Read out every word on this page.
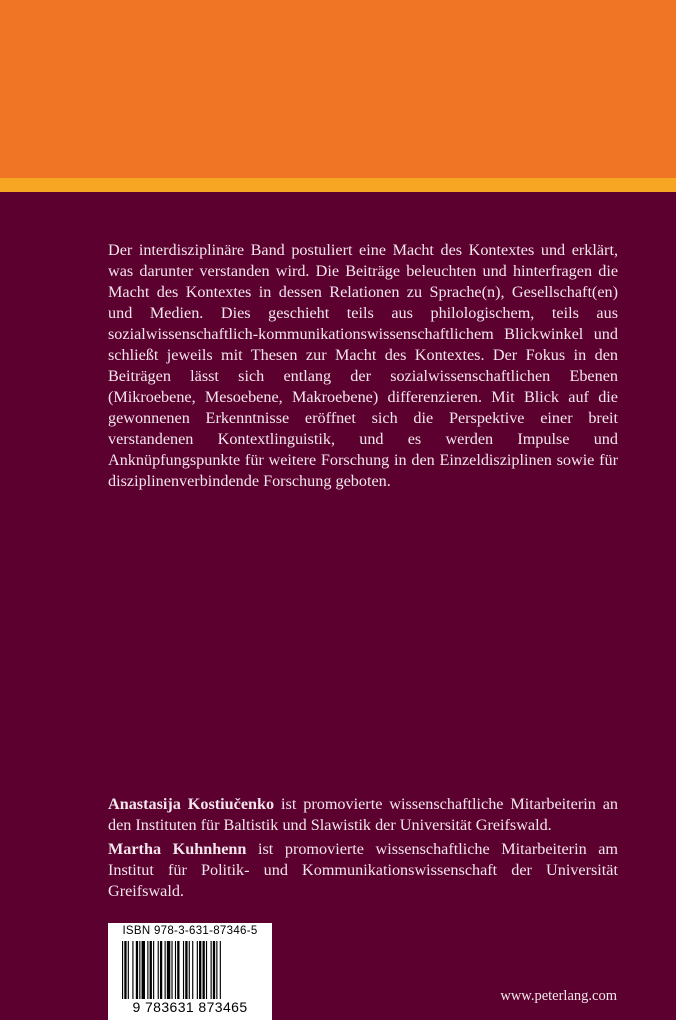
Der interdisziplinäre Band postuliert eine Macht des Kontextes und erklärt, was darunter verstanden wird. Die Beiträge beleuchten und hinterfragen die Macht des Kontextes in dessen Relationen zu Sprache(n), Gesellschaft(en) und Medien. Dies geschieht teils aus philologischem, teils aus sozialwissenschaftlich-kommunikationswissenschaftlichem Blickwinkel und schließt jeweils mit Thesen zur Macht des Kontextes. Der Fokus in den Beiträgen lässt sich entlang der sozialwissenschaftlichen Ebenen (Mikroebene, Mesoebene, Makroebene) differenzieren. Mit Blick auf die gewonnenen Erkenntnisse eröffnet sich die Perspektive einer breit verstandenen Kontextlinguistik, und es werden Impulse und Anknüpfungspunkte für weitere Forschung in den Einzeldisziplinen sowie für disziplinenverbindende Forschung geboten.

Anastasija Kostiučenko ist promovierte wissenschaftliche Mitarbeiterin an den Instituten für Baltistik und Slawistik der Universität Greifswald.

Martha Kuhnhenn ist promovierte wissenschaftliche Mitarbeiterin am Institut für Politik- und Kommunikationswissenschaft der Universität Greifswald.

ISBN 978-3-631-87346-5
9 783631 873465
www.peterlang.com
